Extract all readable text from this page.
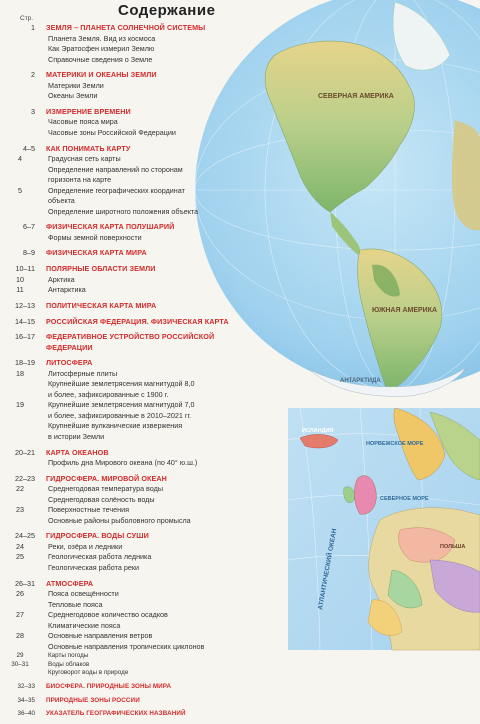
СЕВЕРНАЯ АМЕРИКА
ЮЖНАЯ АМЕРИКА
АНТАРКТИДА
ИСЛАНДИЯ
НОРВЕЖСКОЕ МОРЕ
СЕВЕРНОЕ МОРЕ
ПОЛЬША
АТЛАНТИЧЕСКИЙ ОКЕАН
Содержание
Стр.
1 ЗЕМЛЯ – ПЛАНЕТА СОЛНЕЧНОЙ СИСТЕМЫ
Планета Земля. Вид из космоса
Как Эратосфен измерил Землю
Справочные сведения о Земле
2 МАТЕРИКИ И ОКЕАНЫ ЗЕМЛИ
Материки Земли
Океаны Земли
3 ИЗМЕРЕНИЕ ВРЕМЕНИ
Часовые пояса мира
Часовые зоны Российской Федерации
4–5 КАК ПОНИМАТЬ КАРТУ
4	Градусная сеть карты
Определение направлений по сторонам
горизонта на карте
5	Определение географических координат
объекта
Определение широтного положения объекта
6–7 ФИЗИЧЕСКАЯ КАРТА ПОЛУШАРИЙ
Формы земной поверхности
8–9 ФИЗИЧЕСКАЯ КАРТА МИРА
10–11 ПОЛЯРНЫЕ ОБЛАСТИ ЗЕМЛИ
10	Арктика
11	Антарктика
12–13 ПОЛИТИЧЕСКАЯ КАРТА МИРА
14–15 РОССИЙСКАЯ ФЕДЕРАЦИЯ. ФИЗИЧЕСКАЯ КАРТА
16–17 ФЕДЕРАТИВНОЕ УСТРОЙСТВО РОССИЙСКОЙ
ФЕДЕРАЦИИ
18–19 ЛИТОСФЕРА
18	Литосферные плиты
Крупнейшие землетрясения магнитудой 8,0
и более, зафиксированные с 1900 г.
19	Крупнейшие землетрясения магнитудой 7,0
и более, зафиксированные в 2010–2021 гг.
Крупнейшие вулканические извержения
в истории Земли
20–21 КАРТА ОКЕАНОВ
Профиль дна Мирового океана (по 40° ю.ш.)
22–23 ГИДРОСФЕРА. МИРОВОЙ ОКЕАН
22	Среднегодовая температура воды
Среднегодовая солёность воды
23	Поверхностные течения
Основные районы рыболовного промысла
24–25 ГИДРОСФЕРА. ВОДЫ СУШИ
24	Реки, озёра и ледники
25	Геологическая работа ледника
Геологическая работа реки
26–31 АТМОСФЕРА
26	Пояса освещённости
Тепловые пояса
27	Среднегодовое количество осадков
Климатические пояса
28	Основные направления ветров
Основные направления тропических циклонов
29	Карты погоды
30–31	Воды облаков
Круговорот воды в природе
32–33 БИОСФЕРА. ПРИРОДНЫЕ ЗОНЫ МИРА
34–35 ПРИРОДНЫЕ ЗОНЫ РОССИИ
36–40 УКАЗАТЕЛЬ ГЕОГРАФИЧЕСКИХ НАЗВАНИЙ
